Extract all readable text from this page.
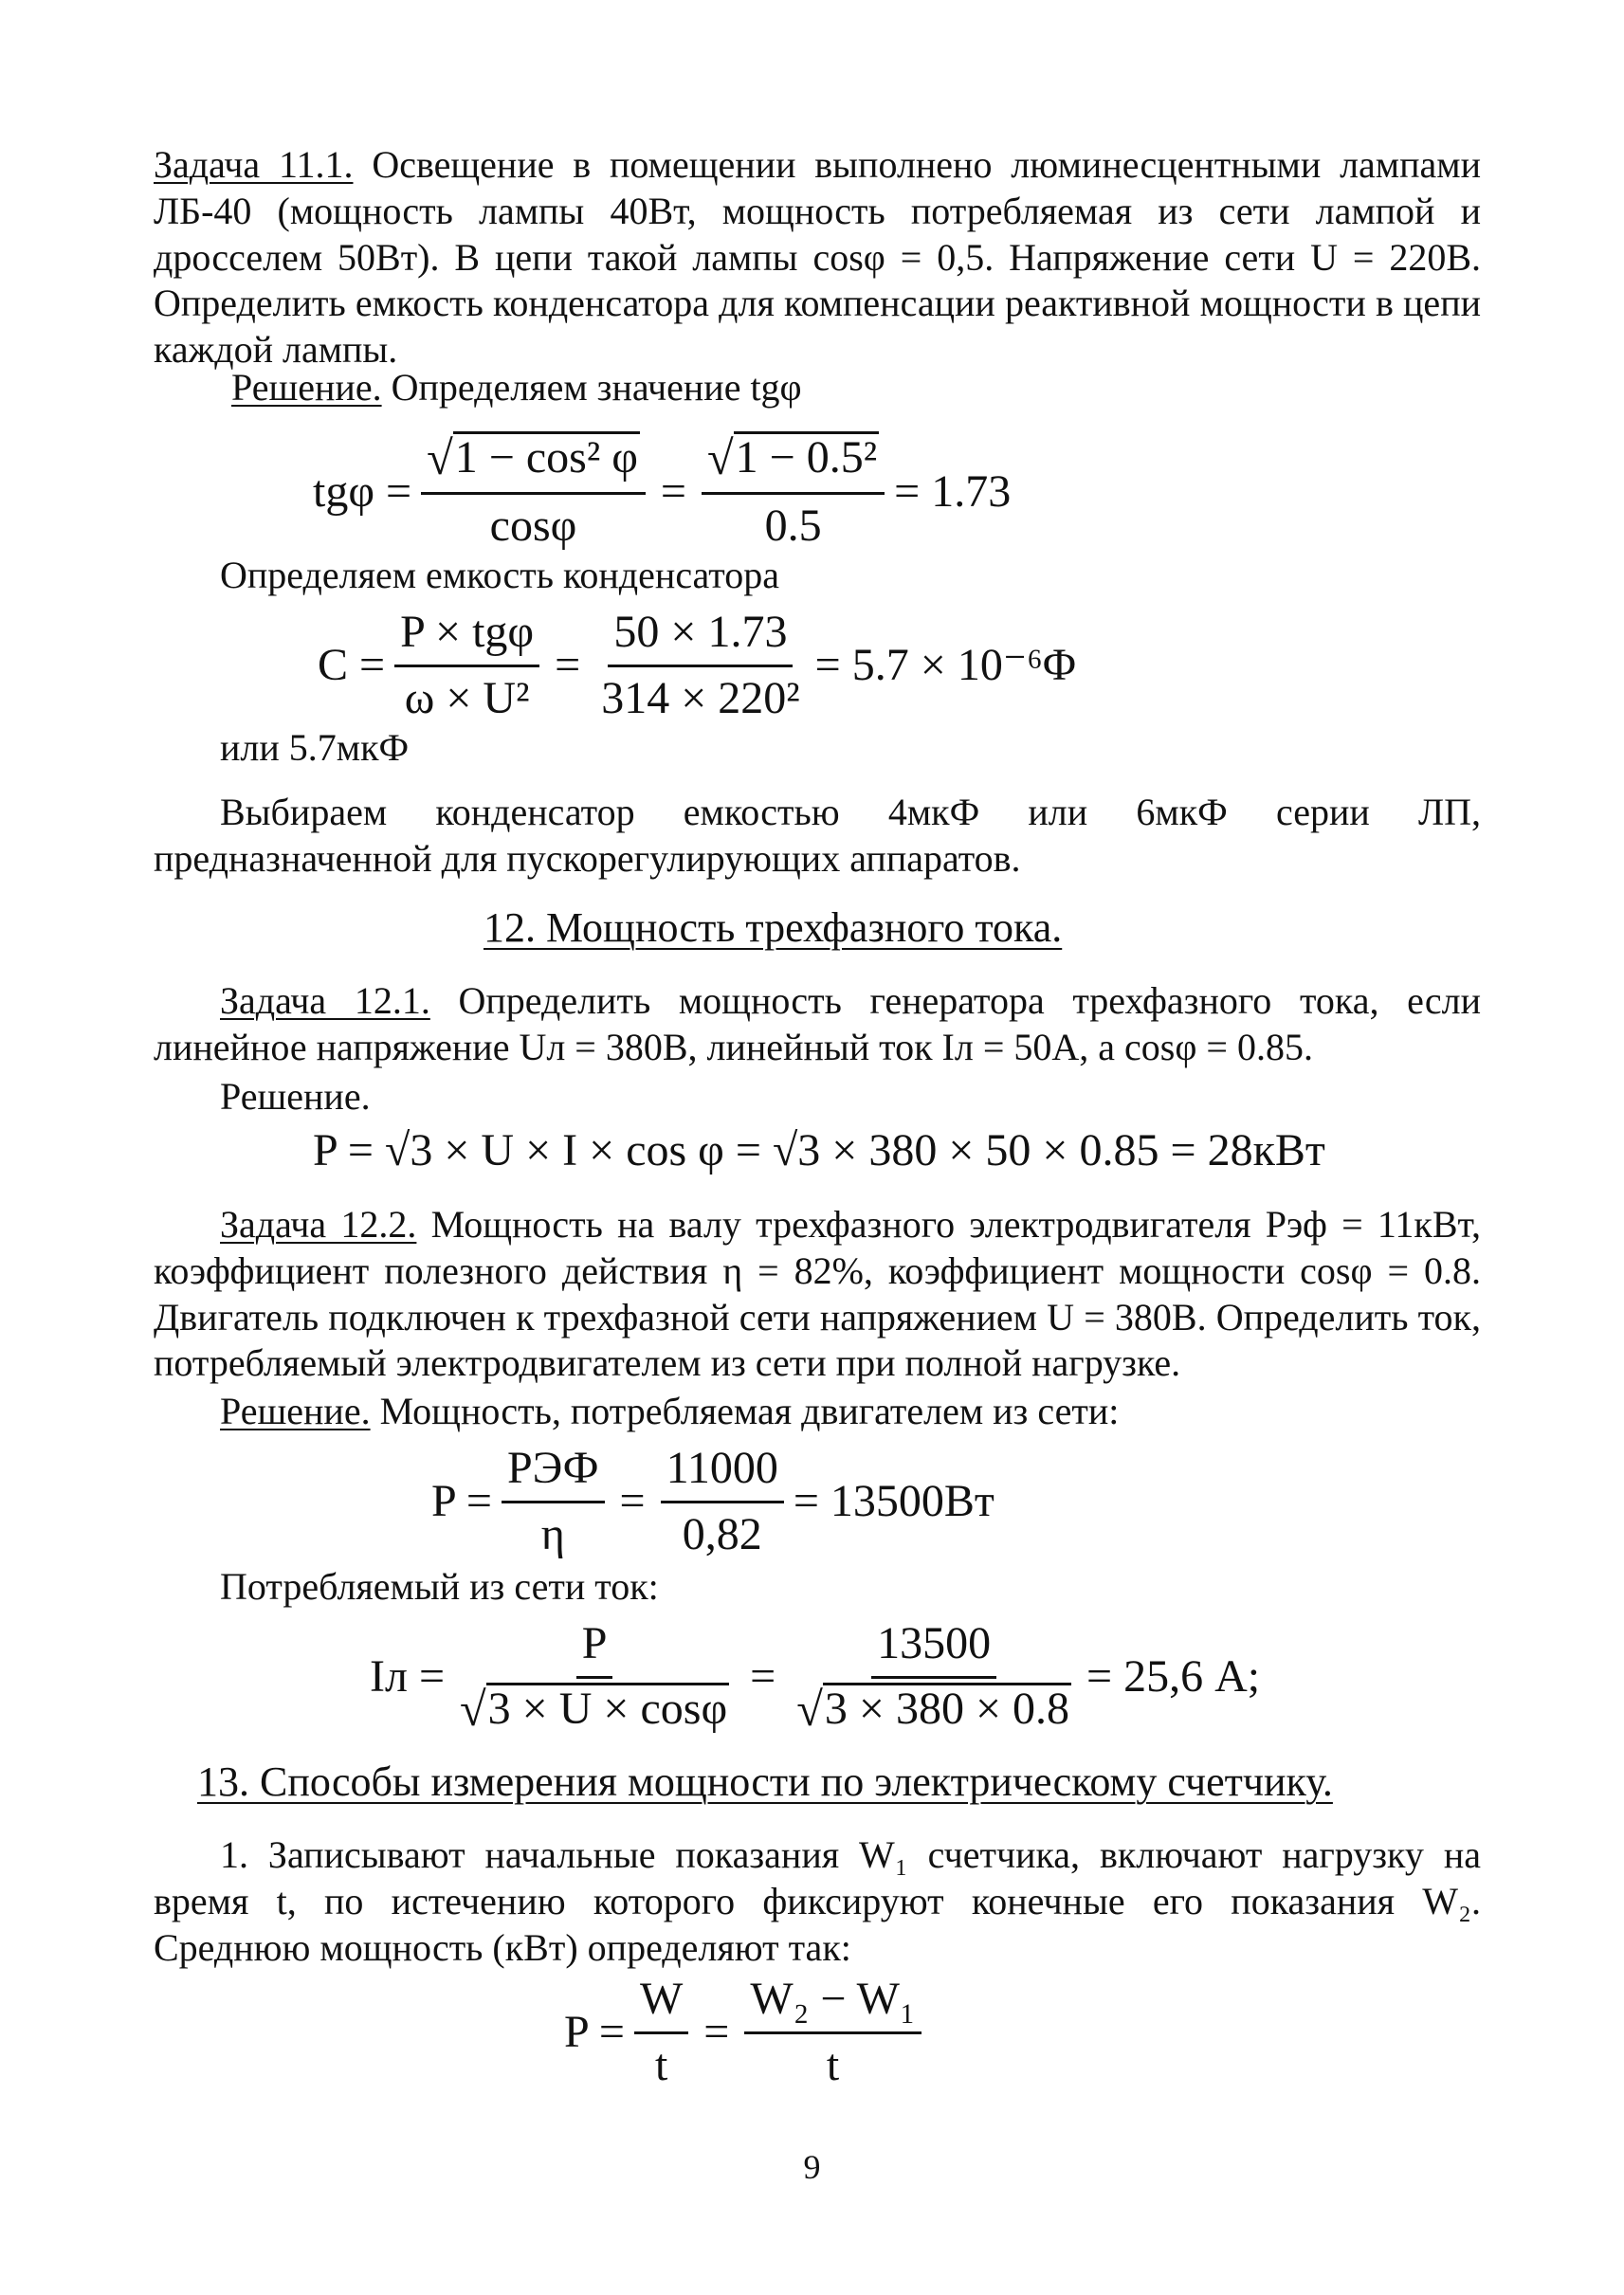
Задача 11.1. Освещение в помещении выполнено люминесцентными лампами ЛБ-40 (мощность лампы 40Вт, мощность потребляемая из сети лампой и дросселем 50Вт). В цепи такой лампы cosφ = 0,5. Напряжение сети U = 220В. Определить емкость конденсатора для компенсации реактивной мощности в цепи каждой лампы.

Решение. Определяем значение tgφ

$tg\varphi = \frac{\text{√ 1 − cos² φ}}{\cos\varphi} = \frac{\text{√ 1 − 0.5²}}{0.5} = 1.73$

Определяем емкость конденсатора

$C = \frac{\text{P × tgφ}}{\text{ω × U²}} = \frac{50 \times 1.73}{\text{314 × 220²}} = 5.7 \times 10^{-6}\Phi$

или 5.7мкФ

Выбираем конденсатор емкостью 4мкФ или 6мкФ серии ЛП, предназначенной для пускорегулирующих аппаратов.

12. Мощность трехфазного тока.

Задача 12.1. Определить мощность генератора трехфазного тока, если линейное напряжение Uл = 380В, линейный ток Iл = 50А, а cosφ = 0.85.

Решение.

P = √3 × U × I × cos φ = √3 × 380 × 50 × 0.85 = 28кВт

Задача 12.2. Мощность на валу трехфазного электродвигателя Pэф = 11кВт, коэффициент полезного действия η = 82%, коэффициент мощности cosφ = 0.8. Двигатель подключен к трехфазной сети напряжением U = 380В. Определить ток, потребляемый электродвигателем из сети при полной нагрузке.

Решение. Мощность, потребляемая двигателем из сети:

$P = \frac{\text{PЭФ}}{\eta} = \frac{11000}{0,82} = 13500Вт$

Потребляемый из сети ток:

Iл = $\frac{P}{√ 3 \times U \times \cos\varphi} = \frac{13500}{√ 3 \times 380 \times 0.8} = 25,6$ А;
13. Способы измерения мощности по электрическому счетчику.

1. Записывают начальные показания W₁ счетчика, включают нагрузку на время t, по истечению которого фиксируют конечные его показания W₂. Среднюю мощность (кВт) определяют так:

$P = \frac{W}{t} = \frac{\text{W₂ − W₁}}{t}$

9
